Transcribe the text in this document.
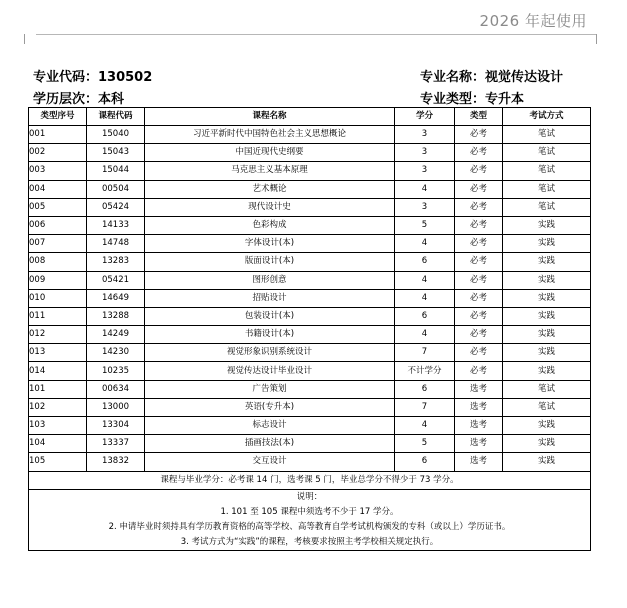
2026 年起使用
专业代码：130502
学历层次：本科
专业名称：视觉传达设计
专业类型：专升本
类型序号	课程代码	课程名称	学分	类型	考试方式
001	15040	习近平新时代中国特色社会主义思想概论	3	必考	笔试
002	15043	中国近现代史纲要	3	必考	笔试
003	15044	马克思主义基本原理	3	必考	笔试
004	00504	艺术概论	4	必考	笔试
005	05424	现代设计史	3	必考	笔试
006	14133	色彩构成	5	必考	实践
007	14748	字体设计(本)	4	必考	实践
008	13283	版面设计(本)	6	必考	实践
009	05421	图形创意	4	必考	实践
010	14649	招贴设计	4	必考	实践
011	13288	包装设计(本)	6	必考	实践
012	14249	书籍设计(本)	4	必考	实践
013	14230	视觉形象识别系统设计	7	必考	实践
014	10235	视觉传达设计毕业设计	不计学分	必考	实践
101	00634	广告策划	6	选考	笔试
102	13000	英语(专升本)	7	选考	笔试
103	13304	标志设计	4	选考	实践
104	13337	插画技法(本)	5	选考	实践
105	13832	交互设计	6	选考	实践
课程与毕业学分：必考课 14 门，选考课 5 门，毕业总学分不得少于 73 学分。					

说明：
1. 101 至 105 课程中须选考不少于 17 学分。
2. 申请毕业时须持具有学历教育资格的高等学校、高等教育自学考试机构颁发的专科（或以上）学历证书。
3. 考试方式为“实践”的课程，考核要求按照主考学校相关规定执行。					
